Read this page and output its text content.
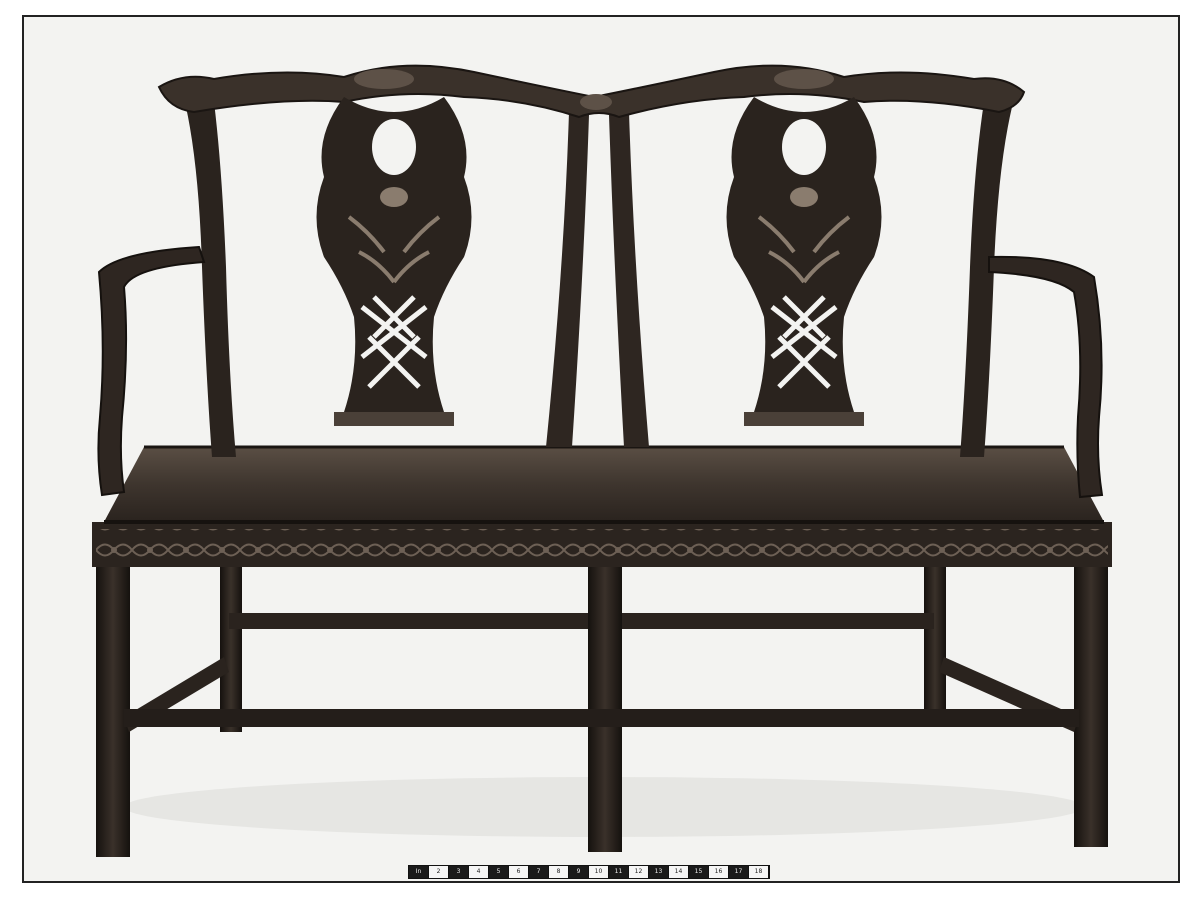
In	2	3	4	5	6	7	8	9	10	11	12	13	14	15	16	17	18
